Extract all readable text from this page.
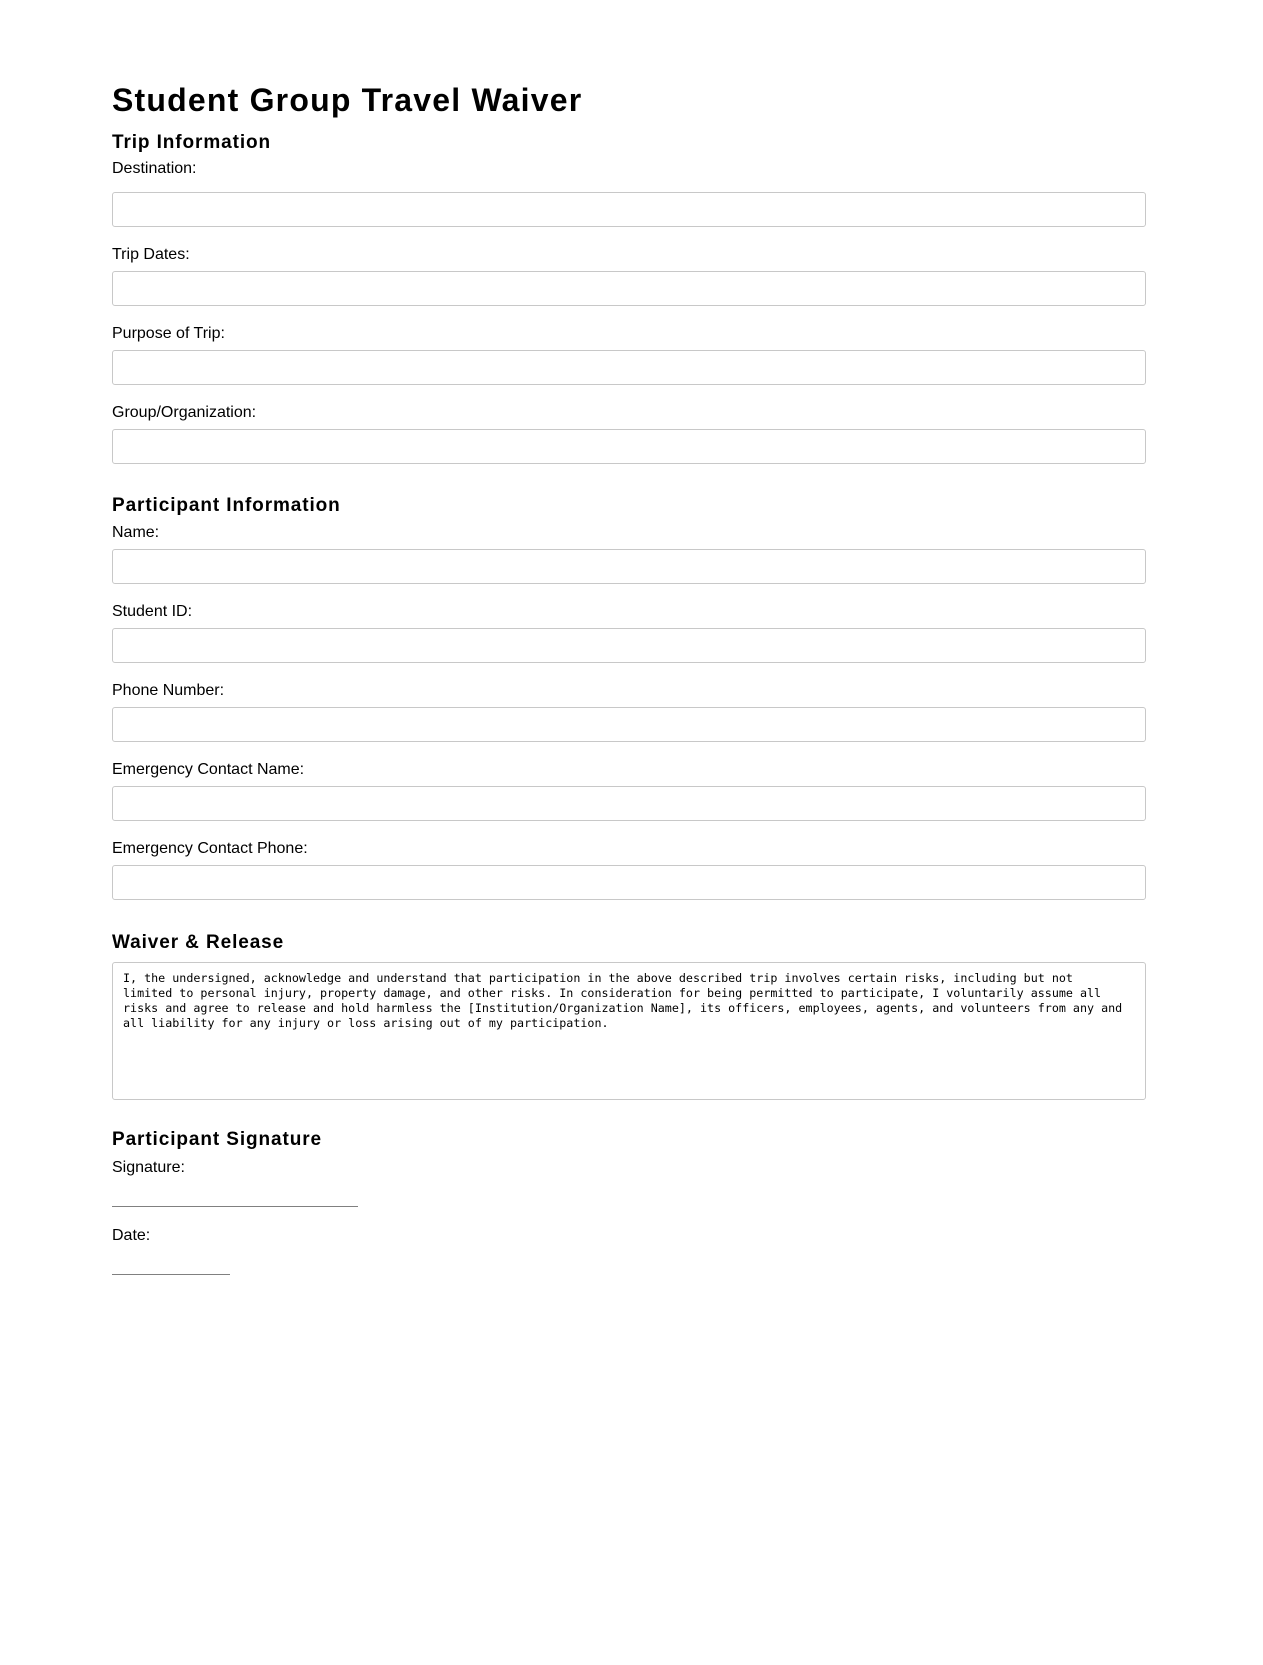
Student Group Travel Waiver
Trip Information
Destination:
Trip Dates:
Purpose of Trip:
Group/Organization:
Participant Information
Name:
Student ID:
Phone Number:
Emergency Contact Name:
Emergency Contact Phone:
Waiver & Release
I, the undersigned, acknowledge and understand that participation in the above described trip involves certain risks, including but not
limited to personal injury, property damage, and other risks. In consideration for being permitted to participate, I voluntarily assume all
risks and agree to release and hold harmless the [Institution/Organization Name], its officers, employees, agents, and volunteers from any and
all liability for any injury or loss arising out of my participation.
Participant Signature
Signature:
Date:
